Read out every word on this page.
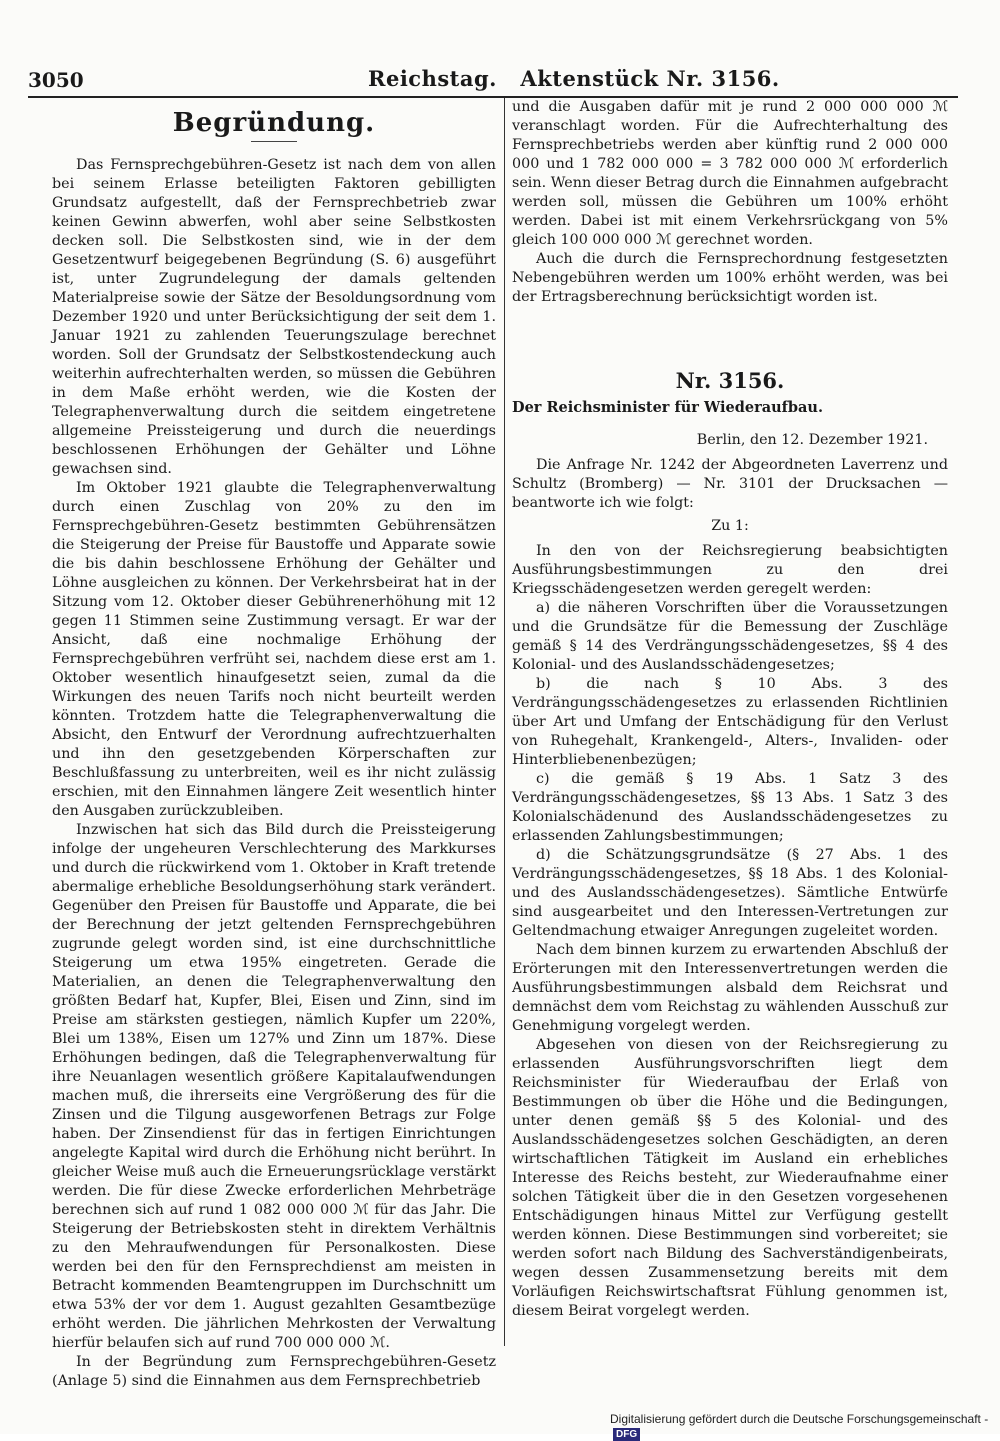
3050	Reichstag.   Aktenstück Nr. 3156.
Begründung.

Das Fernsprechgebühren-Gesetz ist nach dem von allen bei seinem Erlasse beteiligten Faktoren gebilligten Grundsatz aufgestellt, daß der Fernsprechbetrieb zwar keinen Gewinn abwerfen, wohl aber seine Selbstkosten decken soll. Die Selbstkosten sind, wie in der dem Gesetzentwurf beigegebenen Begründung (S. 6) ausgeführt ist, unter Zugrundelegung der damals geltenden Materialpreise sowie der Sätze der Besoldungsordnung vom Dezember 1920 und unter Berücksichtigung der seit dem 1. Januar 1921 zu zahlenden Teuerungszulage berechnet worden. Soll der Grundsatz der Selbstkostendeckung auch weiterhin aufrechterhalten werden, so müssen die Gebühren in dem Maße erhöht werden, wie die Kosten der Telegraphenverwaltung durch die seitdem eingetretene allgemeine Preissteigerung und durch die neuerdings beschlossenen Erhöhungen der Gehälter und Löhne gewachsen sind.

Im Oktober 1921 glaubte die Telegraphenverwaltung durch einen Zuschlag von 20% zu den im Fernsprechgebühren-Gesetz bestimmten Gebührensätzen die Steigerung der Preise für Baustoffe und Apparate sowie die bis dahin beschlossene Erhöhung der Gehälter und Löhne ausgleichen zu können. Der Verkehrsbeirat hat in der Sitzung vom 12. Oktober dieser Gebührenerhöhung mit 12 gegen 11 Stimmen seine Zustimmung versagt. Er war der Ansicht, daß eine nochmalige Erhöhung der Fernsprechgebühren verfrüht sei, nachdem diese erst am 1. Oktober wesentlich hinaufgesetzt seien, zumal da die Wirkungen des neuen Tarifs noch nicht beurteilt werden könnten. Trotzdem hatte die Telegraphenverwaltung die Absicht, den Entwurf der Verordnung aufrechtzuerhalten und ihn den gesetzgebenden Körperschaften zur Beschlußfassung zu unterbreiten, weil es ihr nicht zulässig erschien, mit den Einnahmen längere Zeit wesentlich hinter den Ausgaben zurückzubleiben.

Inzwischen hat sich das Bild durch die Preissteigerung infolge der ungeheuren Verschlechterung des Markkurses und durch die rückwirkend vom 1. Oktober in Kraft tretende abermalige erhebliche Besoldungserhöhung stark verändert. Gegenüber den Preisen für Baustoffe und Apparate, die bei der Berechnung der jetzt geltenden Fernsprechgebühren zugrunde gelegt worden sind, ist eine durchschnittliche Steigerung um etwa 195% eingetreten. Gerade die Materialien, an denen die Telegraphenverwaltung den größten Bedarf hat, Kupfer, Blei, Eisen und Zinn, sind im Preise am stärksten gestiegen, nämlich Kupfer um 220%, Blei um 138%, Eisen um 127% und Zinn um 187%. Diese Erhöhungen bedingen, daß die Telegraphenverwaltung für ihre Neuanlagen wesentlich größere Kapitalaufwendungen machen muß, die ihrerseits eine Vergrößerung des für die Zinsen und die Tilgung ausgeworfenen Betrags zur Folge haben. Der Zinsendienst für das in fertigen Einrichtungen angelegte Kapital wird durch die Erhöhung nicht berührt. In gleicher Weise muß auch die Erneuerungsrücklage verstärkt werden. Die für diese Zwecke erforderlichen Mehrbeträge berechnen sich auf rund 1 082 000 000 ℳ für das Jahr. Die Steigerung der Betriebskosten steht in direktem Verhältnis zu den Mehraufwendungen für Personalkosten. Diese werden bei den für den Fernsprechdienst am meisten in Betracht kommenden Beamtengruppen im Durchschnitt um etwa 53% der vor dem 1. August gezahlten Gesamtbezüge erhöht werden. Die jährlichen Mehrkosten der Verwaltung hierfür belaufen sich auf rund 700 000 000 ℳ.

In der Begründung zum Fernsprechgebühren-Gesetz (Anlage 5) sind die Einnahmen aus dem Fernsprechbetrieb

und die Ausgaben dafür mit je rund 2 000 000 000 ℳ veranschlagt worden. Für die Aufrechterhaltung des Fernsprechbetriebs werden aber künftig rund 2 000 000 000 und 1 782 000 000 = 3 782 000 000 ℳ erforderlich sein. Wenn dieser Betrag durch die Einnahmen aufgebracht werden soll, müssen die Gebühren um 100% erhöht werden. Dabei ist mit einem Verkehrsrückgang von 5% gleich 100 000 000 ℳ gerechnet worden.

Auch die durch die Fernsprechordnung festgesetzten Nebengebühren werden um 100% erhöht werden, was bei der Ertragsberechnung berücksichtigt worden ist.

Nr. 3156.
Der Reichsminister für Wiederaufbau.
Berlin, den 12. Dezember 1921.

Die Anfrage Nr. 1242 der Abgeordneten Laverrenz und Schultz (Bromberg) — Nr. 3101 der Drucksachen — beantworte ich wie folgt:

Zu 1:

In den von der Reichsregierung beabsichtigten Ausführungsbestimmungen zu den drei Kriegsschädengesetzen werden geregelt werden:

a) die näheren Vorschriften über die Voraussetzungen und die Grundsätze für die Bemessung der Zuschläge gemäß § 14 des Verdrängungsschädengesetzes, §§ 4 des Kolonial- und des Auslandsschädengesetzes;

b) die nach § 10 Abs. 3 des Verdrängungsschädengesetzes zu erlassenden Richtlinien über Art und Umfang der Entschädigung für den Verlust von Ruhegehalt, Krankengeld-, Alters-, Invaliden- oder Hinterbliebenenbezügen;

c) die gemäß § 19 Abs. 1 Satz 3 des Verdrängungsschädengesetzes, §§ 13 Abs. 1 Satz 3 des Kolonialschädenund des Auslandsschädengesetzes zu erlassenden Zahlungsbestimmungen;

d) die Schätzungsgrundsätze (§ 27 Abs. 1 des Verdrängungsschädengesetzes, §§ 18 Abs. 1 des Kolonial- und des Auslandsschädengesetzes). Sämtliche Entwürfe sind ausgearbeitet und den Interessen-Vertretungen zur Geltendmachung etwaiger Anregungen zugeleitet worden.

Nach dem binnen kurzem zu erwartenden Abschluß der Erörterungen mit den Interessenvertretungen werden die Ausführungsbestimmungen alsbald dem Reichsrat und demnächst dem vom Reichstag zu wählenden Ausschuß zur Genehmigung vorgelegt werden.

Abgesehen von diesen von der Reichsregierung zu erlassenden Ausführungsvorschriften liegt dem Reichsminister für Wiederaufbau der Erlaß von Bestimmungen ob über die Höhe und die Bedingungen, unter denen gemäß §§ 5 des Kolonial- und des Auslandsschädengesetzes solchen Geschädigten, an deren wirtschaftlichen Tätigkeit im Ausland ein erhebliches Interesse des Reichs besteht, zur Wiederaufnahme einer solchen Tätigkeit über die in den Gesetzen vorgesehenen Entschädigungen hinaus Mittel zur Verfügung gestellt werden können. Diese Bestimmungen sind vorbereitet; sie werden sofort nach Bildung des Sachverständigenbeirats, wegen dessen Zusammensetzung bereits mit dem Vorläufigen Reichswirtschaftsrat Fühlung genommen ist, diesem Beirat vorgelegt werden.

Digitalisierung gefördert durch die Deutsche Forschungsgemeinschaft - DFG
